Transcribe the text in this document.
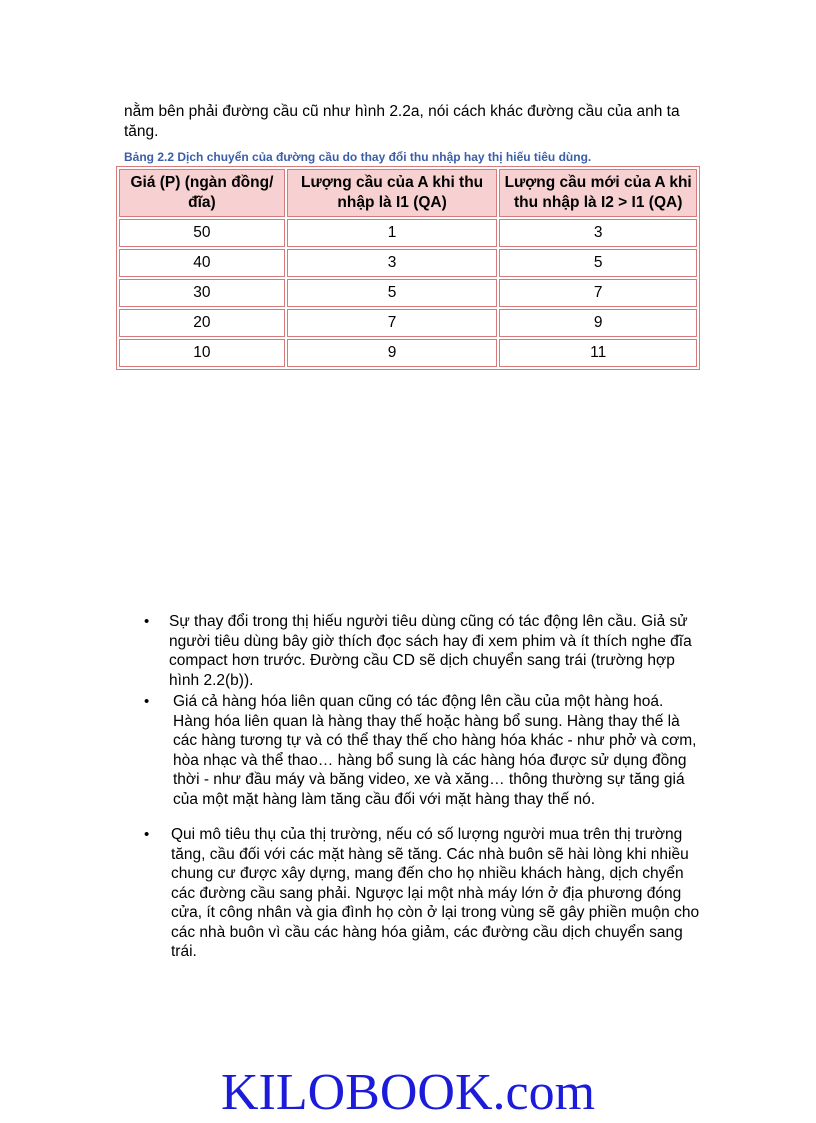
nằm bên phải đường cầu cũ như hình 2.2a, nói cách khác đường cầu của anh ta tăng.

Bảng 2.2 Dịch chuyển của đường cầu do thay đổi thu nhập hay thị hiếu tiêu dùng.

Giá (P) (ngàn đồng/đĩa)	Lượng cầu của A khi thu nhập là I1 (QA)	Lượng cầu mới của A khi thu nhập là I2 > I1 (QA)
50	1	3
40	3	5
30	5	7
20	7	9
10	9	11
• Sự thay đổi trong thị hiếu người tiêu dùng cũng có tác động lên cầu. Giả sử người tiêu dùng bây giờ thích đọc sách hay đi xem phim và ít thích nghe đĩa compact hơn trước. Đường cầu CD sẽ dịch chuyển sang trái (trường hợp hình 2.2(b)).
• Giá cả hàng hóa liên quan cũng có tác động lên cầu của một hàng hoá. Hàng hóa liên quan là hàng thay thế hoặc hàng bổ sung. Hàng thay thế là các hàng tương tự và có thể thay thế cho hàng hóa khác - như phở và cơm, hòa nhạc và thể thao… hàng bổ sung là các hàng hóa được sử dụng đồng thời - như đầu máy và băng video, xe và xăng… thông thường sự tăng giá của một mặt hàng làm tăng cầu đối với mặt hàng thay thế nó.
• Qui mô tiêu thụ của thị trường, nếu có số lượng người mua trên thị trường tăng, cầu đối với các mặt hàng sẽ tăng. Các nhà buôn sẽ hài lòng khi nhiều chung cư được xây dựng, mang đến cho họ nhiều khách hàng, dịch chyển các đường cầu sang phải. Ngược lại một nhà máy lớn ở địa phương đóng cửa, ít công nhân và gia đình họ còn ở lại trong vùng sẽ gây phiền muộn cho các nhà buôn vì cầu các hàng hóa giảm, các đường cầu dịch chuyển sang trái.
KILOBOOK.com
